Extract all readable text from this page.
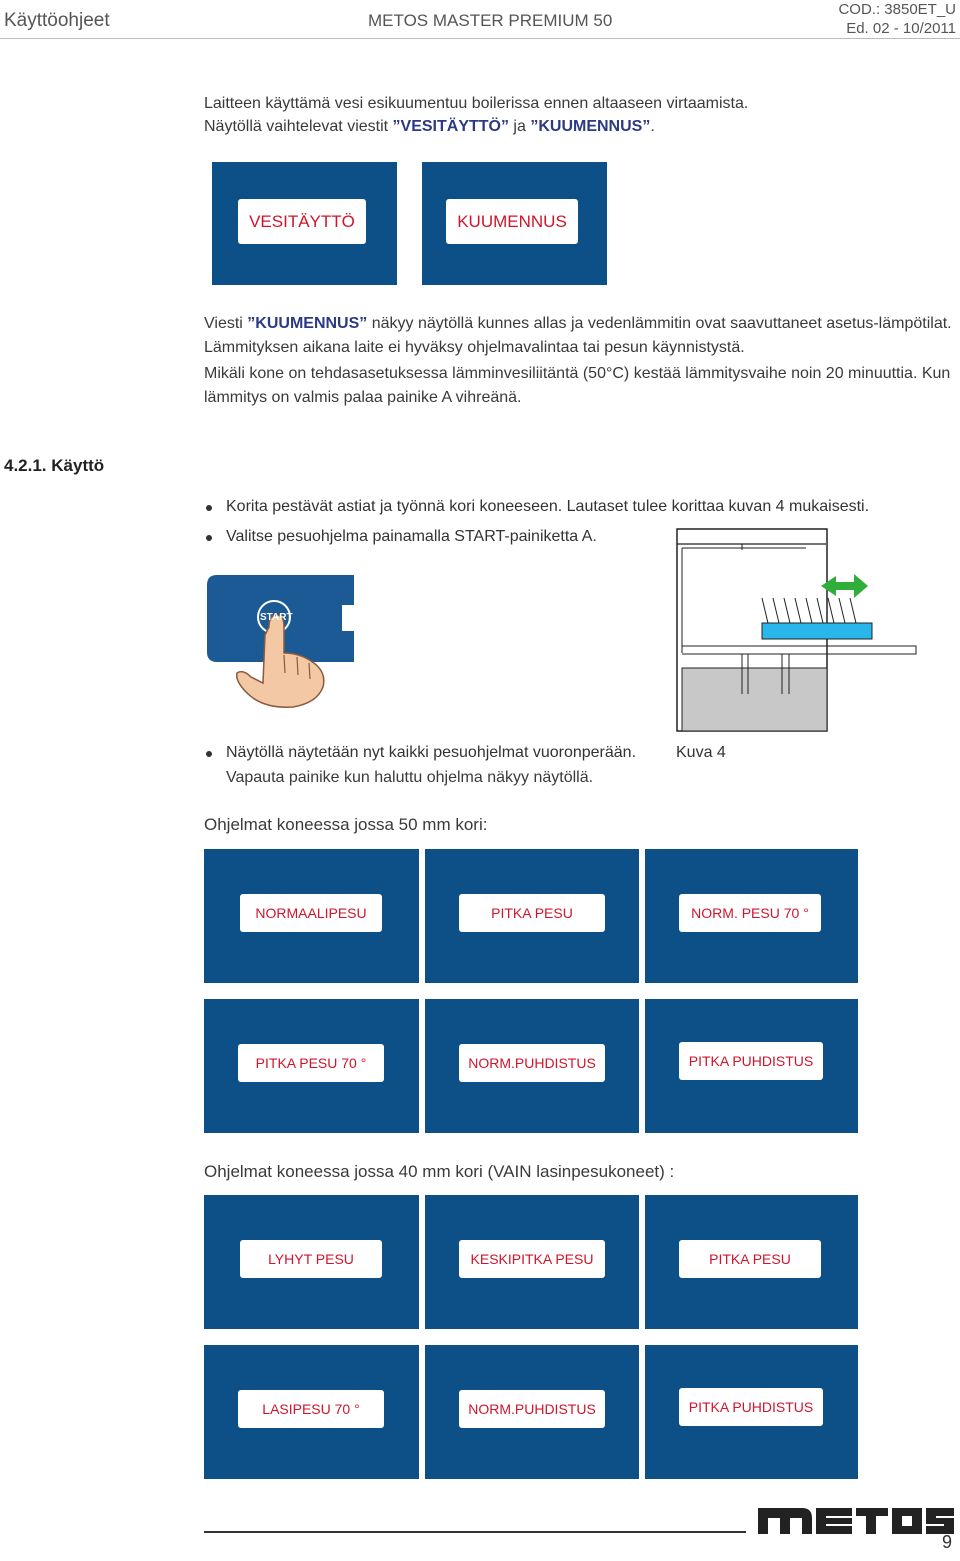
Käyttöohjeet	METOS MASTER PREMIUM 50
COD.: 3850ET_U
Ed. 02 - 10/2011

Laitteen käyttämä vesi esikuumentuu boilerissa ennen altaaseen virtaamista.

Näytöllä vaihtelevat viestit ”VESITÄYTTÖ” ja ”KUUMENNUS”.

VESITÄYTTÖ	KUUMENNUS

Viesti ”KUUMENNUS” näkyy näytöllä kunnes allas ja vedenlämmitin ovat saavuttaneet asetus-lämpötilat.

Lämmityksen aikana laite ei hyväksy ohjelmavalintaa tai pesun käynnistystä.

Mikäli kone on tehdasasetuksessa lämminvesiliitäntä (50°C) kestää lämmitysvaihe noin 20 minuuttia. Kun

lämmitys on valmis palaa painike A vihreänä.

4.2.1. Käyttö
Korita pestävät astiat ja työnnä kori koneeseen. Lautaset tulee korittaa kuvan 4 mukaisesti.
Valitse pesuohjelma painamalla START-painiketta A.
START
Näytöllä näytetään nyt kaikki pesuohjelmat vuoronperään.

Vapauta painike kun haluttu ohjelma näkyy näytöllä.

Kuva 4

Ohjelmat koneessa jossa 50 mm kori:

NORMAALIPESU	PITKA PESU	NORM. PESU 70 °
PITKA PESU 70 °	NORM.PUHDISTUS	PITKA PUHDISTUS

Ohjelmat koneessa jossa 40 mm kori (VAIN lasinpesukoneet) :

LYHYT PESU	KESKIPITKA PESU	PITKA PESU
LASIPESU 70 °	NORM.PUHDISTUS	PITKA PUHDISTUS
9
